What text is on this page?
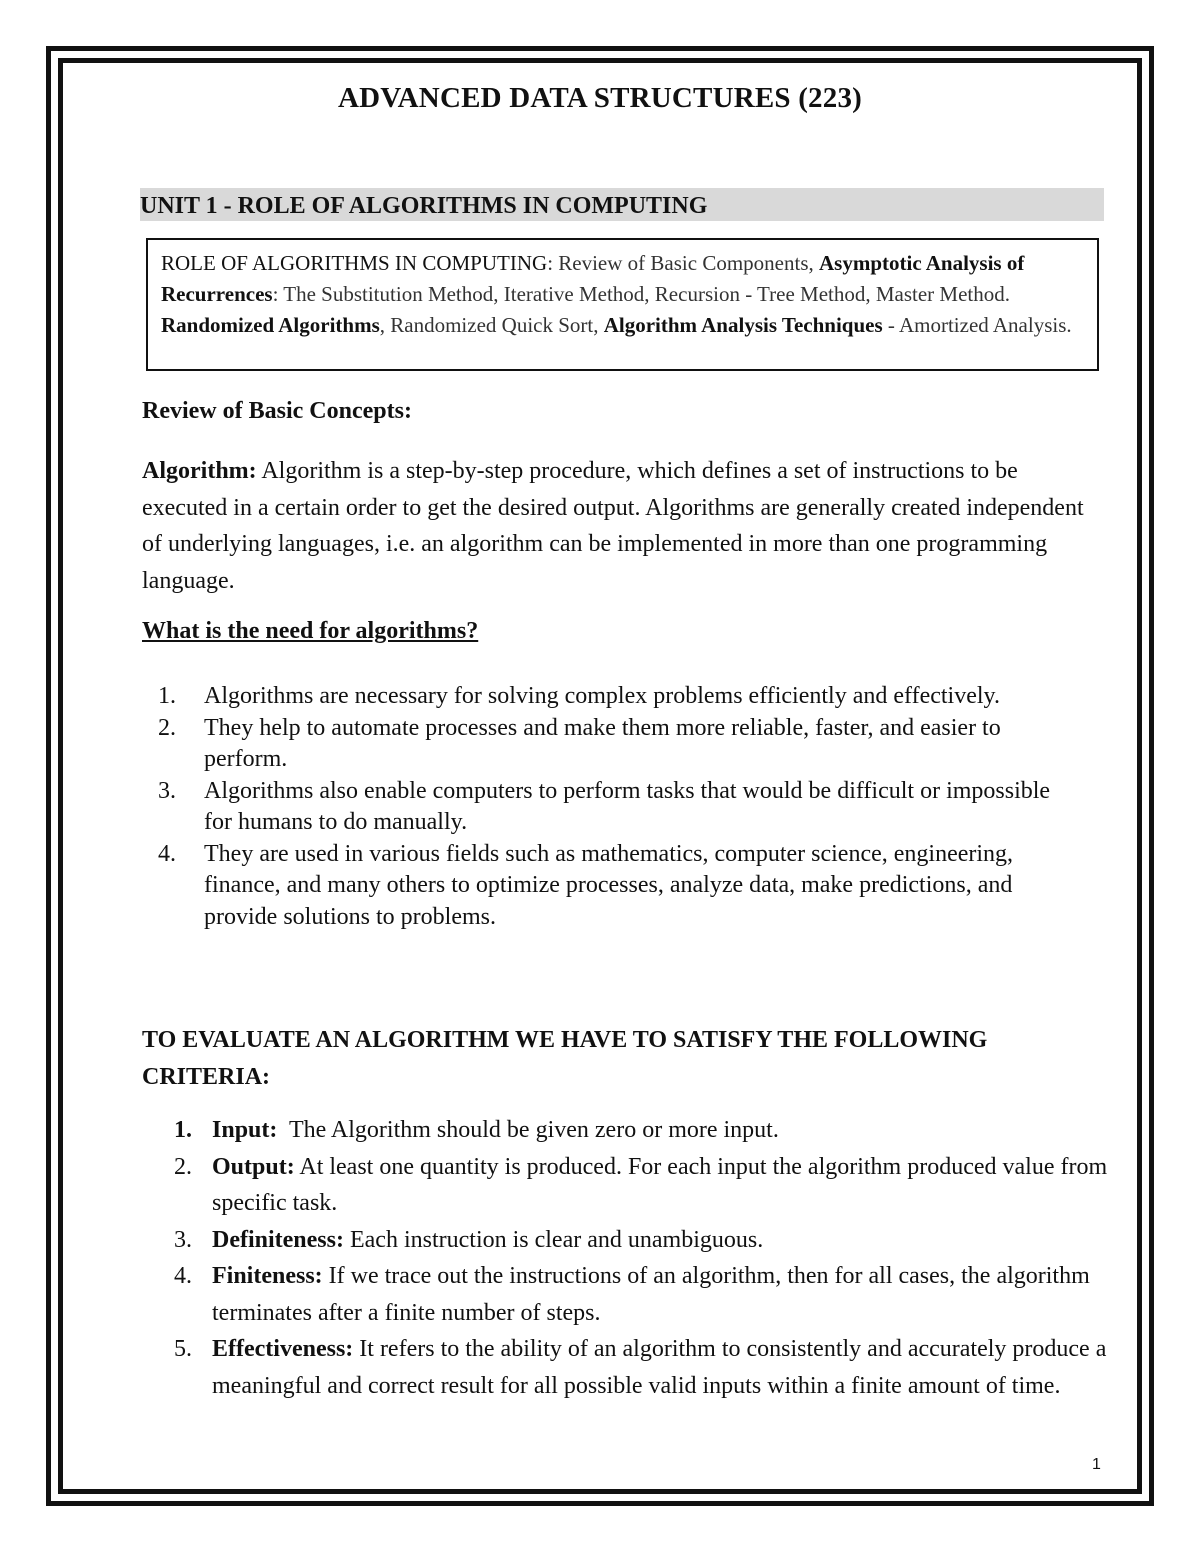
ADVANCED DATA STRUCTURES (223)
UNIT 1 - ROLE OF ALGORITHMS IN COMPUTING
ROLE OF ALGORITHMS IN COMPUTING: Review of Basic Components, Asymptotic Analysis of Recurrences: The Substitution Method, Iterative Method, Recursion - Tree Method, Master Method. Randomized Algorithms, Randomized Quick Sort, Algorithm Analysis Techniques - Amortized Analysis.
Review of Basic Concepts:
Algorithm: Algorithm is a step-by-step procedure, which defines a set of instructions to be executed in a certain order to get the desired output. Algorithms are generally created independent of underlying languages, i.e. an algorithm can be implemented in more than one programming language.
What is the need for algorithms?
1. Algorithms are necessary for solving complex problems efficiently and effectively.
2. They help to automate processes and make them more reliable, faster, and easier to perform.
3. Algorithms also enable computers to perform tasks that would be difficult or impossible for humans to do manually.
4. They are used in various fields such as mathematics, computer science, engineering, finance, and many others to optimize processes, analyze data, make predictions, and provide solutions to problems.
TO EVALUATE AN ALGORITHM WE HAVE TO SATISFY THE FOLLOWING CRITERIA:
1. Input:  The Algorithm should be given zero or more input.
2. Output: At least one quantity is produced. For each input the algorithm produced value from specific task.
3. Definiteness: Each instruction is clear and unambiguous.
4. Finiteness: If we trace out the instructions of an algorithm, then for all cases, the algorithm terminates after a finite number of steps.
5. Effectiveness: It refers to the ability of an algorithm to consistently and accurately produce a meaningful and correct result for all possible valid inputs within a finite amount of time.
1
